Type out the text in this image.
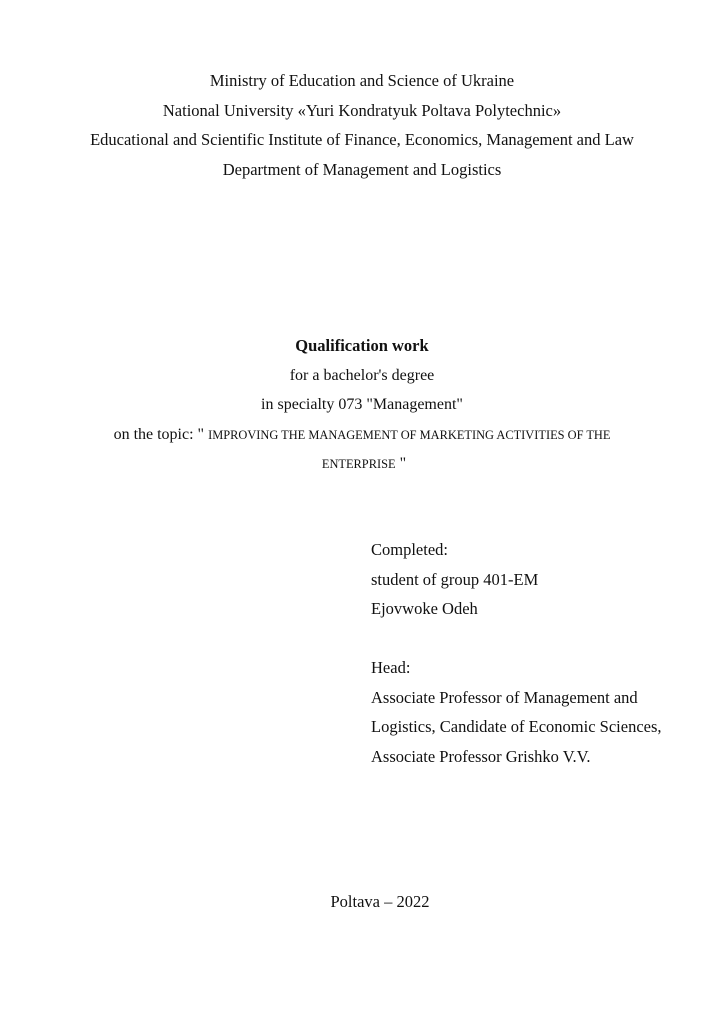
Ministry of Education and Science of Ukraine
National University «Yuri Kondratyuk Poltava Polytechnic»
Educational and Scientific Institute of Finance, Economics, Management and Law
Department of Management and Logistics
Qualification work
for a bachelor's degree
in specialty 073 "Management"
on the topic: " IMPROVING THE MANAGEMENT OF MARKETING ACTIVITIES OF THE
ENTERPRISE "
Completed:
student of group 401-EM
Ejovwoke Odeh
Head:
Associate Professor of Management and
Logistics, Candidate of Economic Sciences,
Associate Professor Grishko V.V.
Poltava – 2022
